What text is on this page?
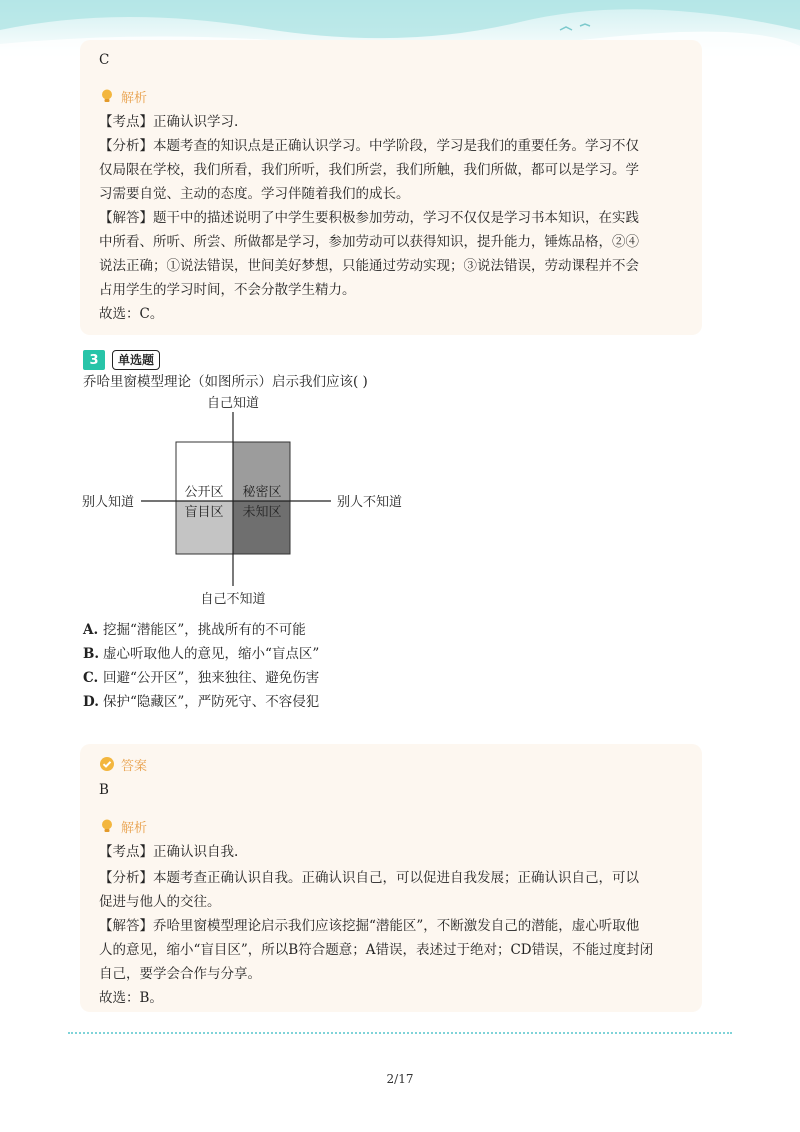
C
解析
【考点】正确认识学习.
【分析】本题考查的知识点是正确认识学习。中学阶段，学习是我们的重要任务。学习不仅
仅局限在学校，我们所看，我们所听，我们所尝，我们所触，我们所做，都可以是学习。学
习需要自觉、主动的态度。学习伴随着我们的成长。
【解答】题干中的描述说明了中学生要积极参加劳动，学习不仅仅是学习书本知识，在实践
中所看、所听、所尝、所做都是学习，参加劳动可以获得知识，提升能力，锤炼品格，②④
说法正确；①说法错误，世间美好梦想，只能通过劳动实现；③说法错误，劳动课程并不会
占用学生的学习时间，不会分散学生精力。
故选：C。
3	单选题
乔哈里窗模型理论（如图所示）启示我们应该( )
自己知道
自己不知道
别人知道	别人不知道
公开区 秘密区
盲目区 未知区
A. 挖掘“潜能区”，挑战所有的不可能
B. 虚心听取他人的意见，缩小“盲点区”
C. 回避“公开区”，独来独往、避免伤害
D. 保护“隐藏区”，严防死守、不容侵犯
答案
B
解析
【考点】正确认识自我.
【分析】本题考查正确认识自我。正确认识自己，可以促进自我发展；正确认识自己，可以
促进与他人的交往。
【解答】乔哈里窗模型理论启示我们应该挖掘“潜能区”，不断激发自己的潜能，虚心听取他
人的意见，缩小“盲目区”，所以B符合题意；A错误，表述过于绝对；CD错误，不能过度封闭
自己，要学会合作与分享。
故选：B。
2/17
